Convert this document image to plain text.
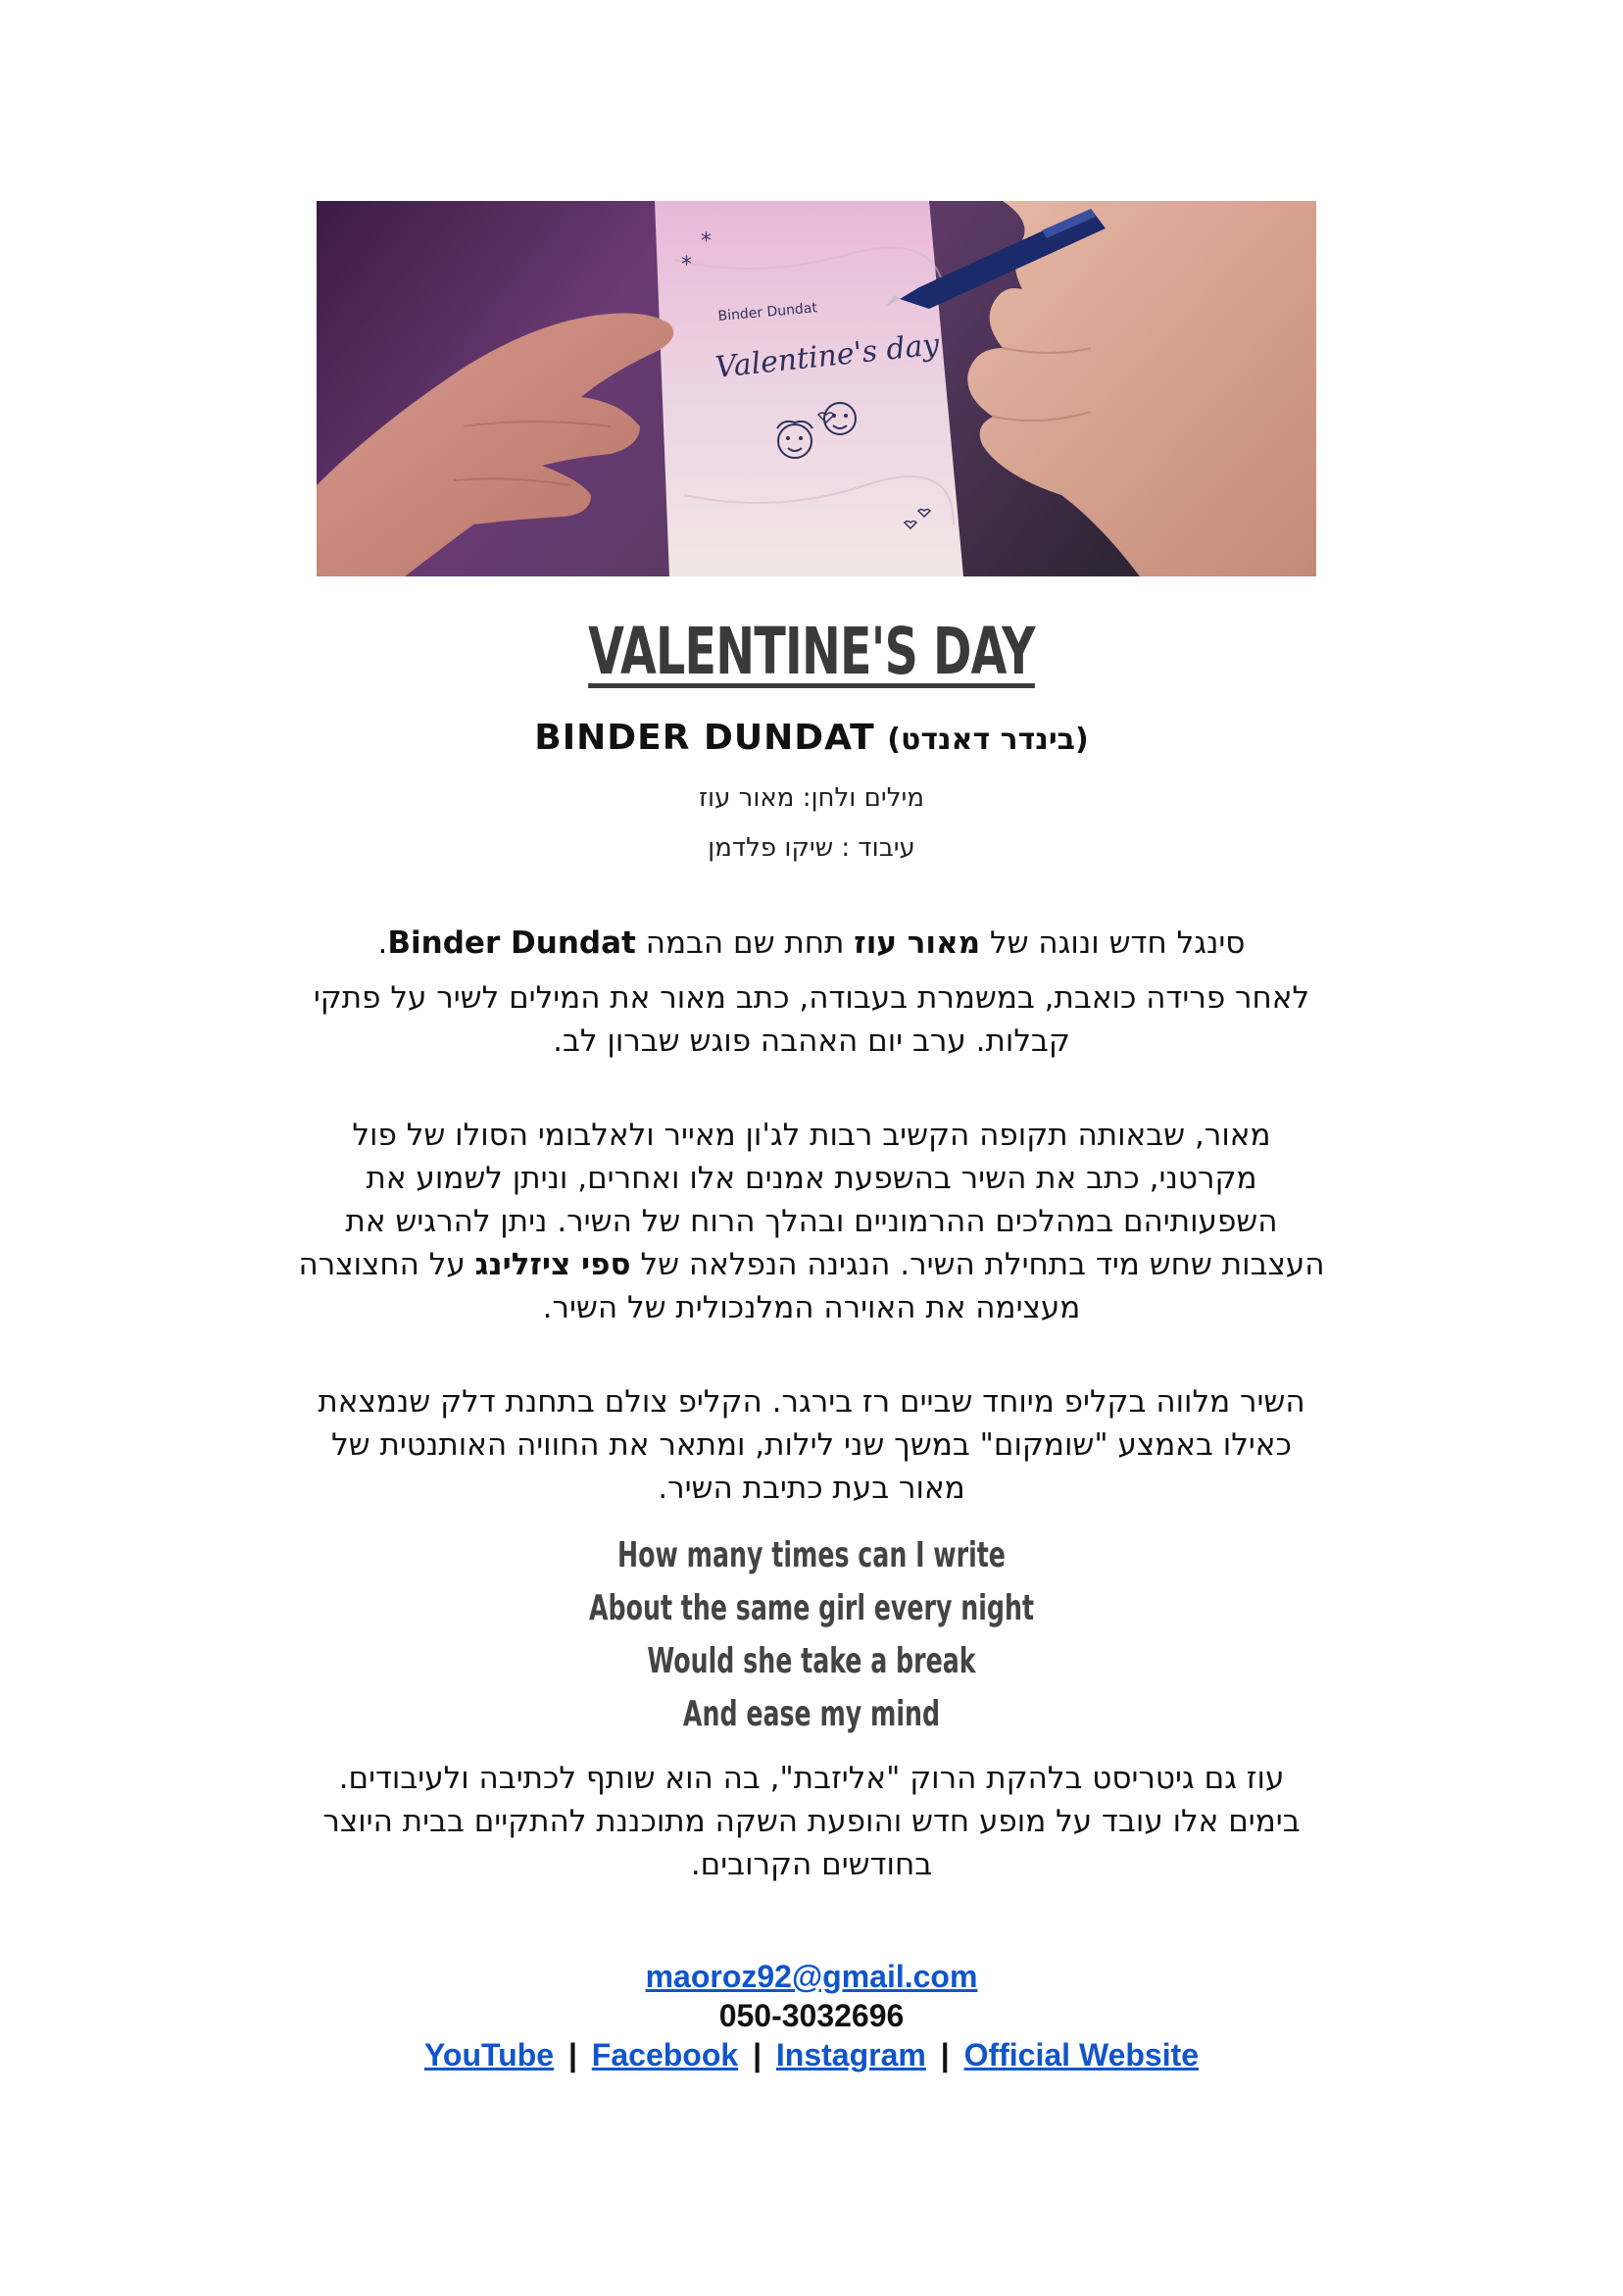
*
*
Binder Dundat
Valentine's day
VALENTINE'S DAY
BINDER DUNDAT (בינדר דאנדט)
מילים ולחן: מאור עוז
עיבוד : שיקו פלדמן
סינגל חדש ונוגה של מאור עוז תחת שם הבמה Binder Dundat.
לאחר פרידה כואבת, במשמרת בעבודה, כתב מאור את המילים לשיר על פתקי
קבלות. ערב יום האהבה פוגש שברון לב.
מאור, שבאותה תקופה הקשיב רבות לג'ון מאייר ולאלבומי הסולו של פול
מקרטני, כתב את השיר בהשפעת אמנים אלו ואחרים, וניתן לשמוע את
השפעותיהם במהלכים ההרמוניים ובהלך הרוח של השיר. ניתן להרגיש את
העצבות שחש מיד בתחילת השיר. הנגינה הנפלאה של ספי ציזלינג על החצוצרה
מעצימה את האוירה המלנכולית של השיר.
השיר מלווה בקליפ מיוחד שביים רז בירגר. הקליפ צולם בתחנת דלק שנמצאת
כאילו באמצע "שומקום" במשך שני לילות, ומתאר את החוויה האותנטית של
מאור בעת כתיבת השיר.
How many times can I write
About the same girl every night
Would she take a break
And ease my mind
עוז גם גיטריסט בלהקת הרוק "אליזבת", בה הוא שותף לכתיבה ולעיבודים.
בימים אלו עובד על מופע חדש והופעת השקה מתוכננת להתקיים בבית היוצר
בחודשים הקרובים.
maoroz92@gmail.com
050-3032696
YouTube | Facebook | Instagram | Official Website
